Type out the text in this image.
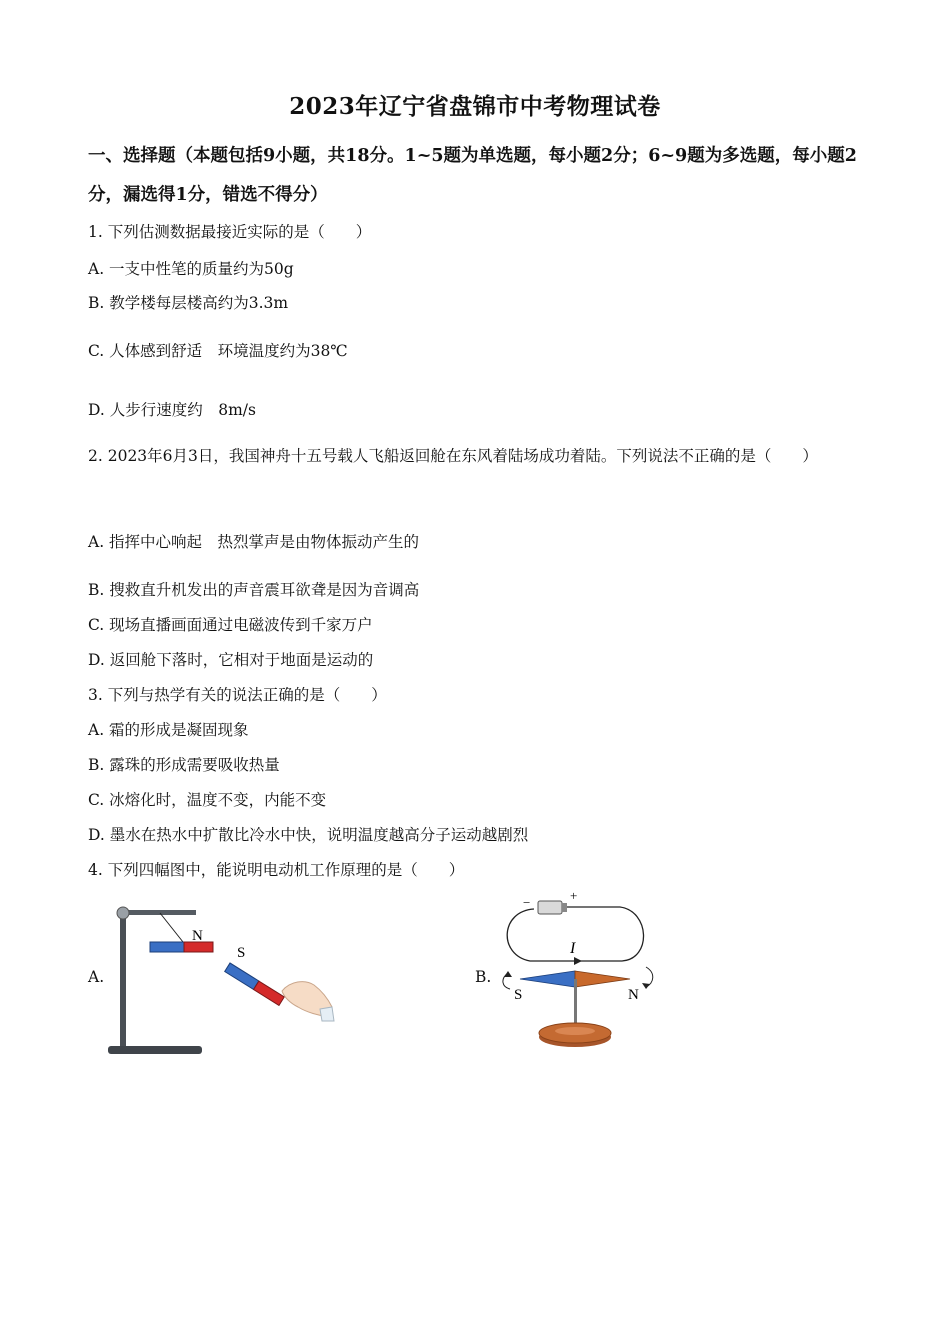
2023年辽宁省盘锦市中考物理试卷
一、选择题（本题包括9小题，共18分。1~5题为单选题，每小题2分；6~9题为多选题，每小题2分，漏选得1分，错选不得分）
1. 下列估测数据最接近实际的是（　　）
A. 一支中性笔的质量约为50g
B. 教学楼每层楼高约为3.3m
C. 人体感到舒适　环境温度约为38℃
D. 人步行速度约　8m/s
2. 2023年6月3日，我国神舟十五号载人飞船返回舱在东风着陆场成功着陆。下列说法不正确的是（　　）
A. 指挥中心响起　热烈掌声是由物体振动产生的
B. 搜救直升机发出的声音震耳欲聋是因为音调高
C. 现场直播画面通过电磁波传到千家万户
D. 返回舱下落时，它相对于地面是运动的
3. 下列与热学有关的说法正确的是（　　）
A. 霜的形成是凝固现象
B. 露珠的形成需要吸收热量
C. 冰熔化时，温度不变，内能不变
D. 墨水在热水中扩散比冷水中快，说明温度越高分子运动越剧烈
4. 下列四幅图中，能说明电动机工作原理的是（　　）
A.
N
S
B.
−	+
I
S	N
